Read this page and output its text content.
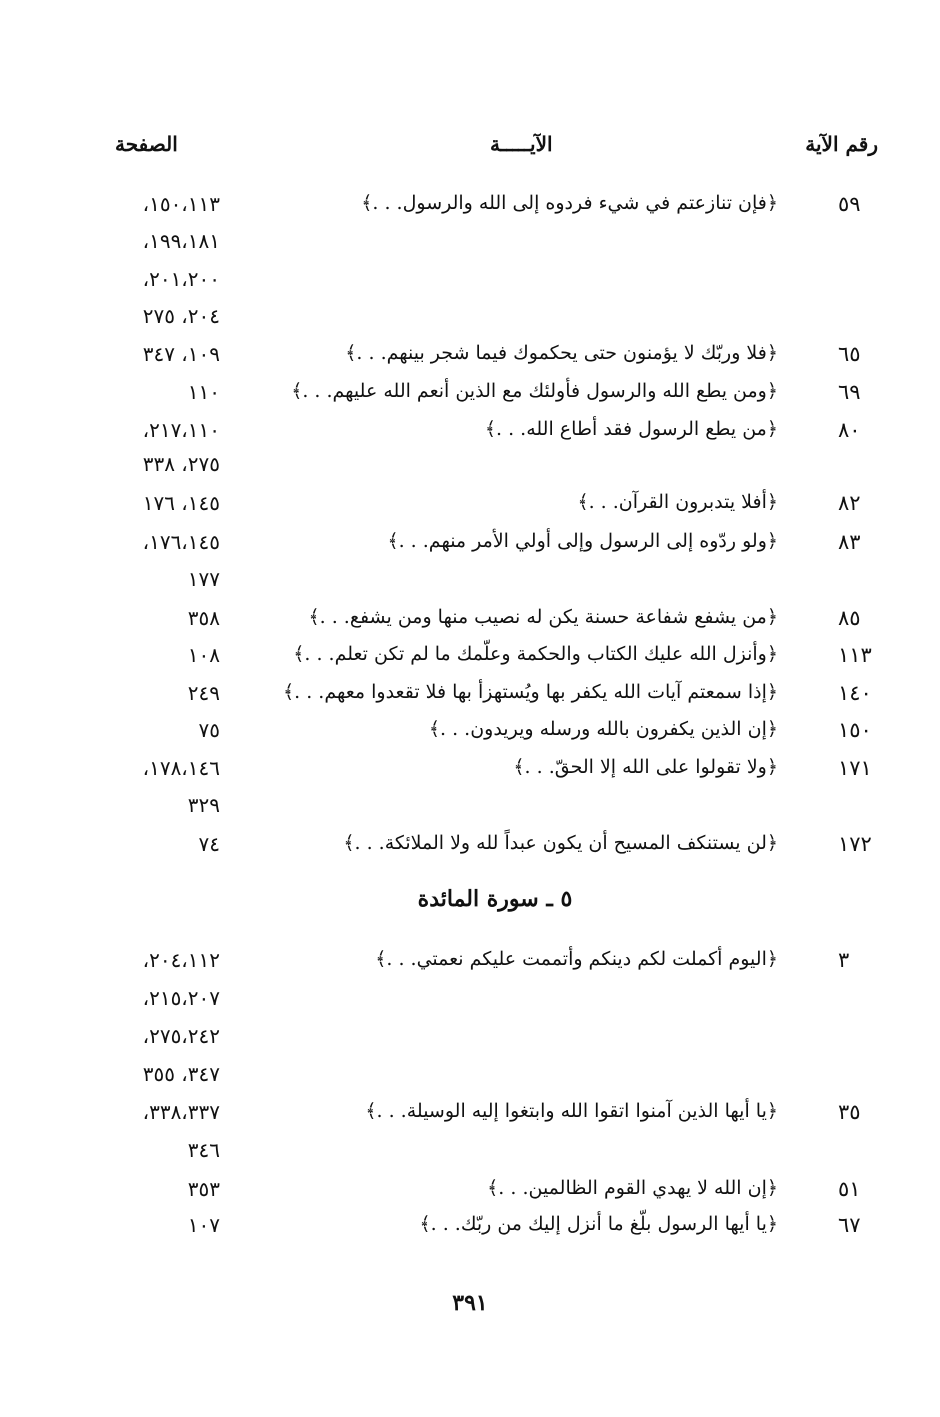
رقم الآية
الآيـــــة
الصفحة
٥٩
﴿فإن تنازعتم في شيء فردوه إلى الله والرسول. . .﴾
١٥٠،١١٣،
١٩٩،١٨١،
٢٠١،٢٠٠،
٢٠٤، ٢٧٥
٦٥
﴿فلا وربّك لا يؤمنون حتى يحكموك فيما شجر بينهم. . .﴾
١٠٩، ٣٤٧
٦٩
﴿ومن يطع الله والرسول فأولئك مع الذين أنعم الله عليهم. . .﴾
١١٠
٨٠
﴿من يطع الرسول فقد أطاع الله. . .﴾
٢١٧،١١٠،
٢٧٥، ٣٣٨
٨٢
﴿أفلا يتدبرون القرآن. . .﴾
١٤٥، ١٧٦
٨٣
﴿ولو ردّوه إلى الرسول وإلى أولي الأمر منهم. . .﴾
١٧٦،١٤٥،
١٧٧
٨٥
﴿من يشفع شفاعة حسنة يكن له نصيب منها ومن يشفع. . .﴾
٣٥٨
١١٣
﴿وأنزل الله عليك الكتاب والحكمة وعلّمك ما لم تكن تعلم. . .﴾
١٠٨
١٤٠
﴿إذا سمعتم آيات الله يكفر بها ويُستهزأ بها فلا تقعدوا معهم. . .﴾
٢٤٩
١٥٠
﴿إن الذين يكفرون بالله ورسله ويريدون. . .﴾
٧٥
١٧١
﴿ولا تقولوا على الله إلا الحقّ. . .﴾
١٧٨،١٤٦،
٣٢٩
١٧٢
﴿لن يستنكف المسيح أن يكون عبداً لله ولا الملائكة. . .﴾
٧٤
٥ ـ سورة المائدة
٣
﴿اليوم أكملت لكم دينكم وأتممت عليكم نعمتي. . .﴾
٢٠٤،١١٢،
٢١٥،٢٠٧،
٢٧٥،٢٤٢،
٣٤٧، ٣٥٥
٣٥
﴿يا أيها الذين آمنوا اتقوا الله وابتغوا إليه الوسيلة. . .﴾
٣٣٨،٣٣٧،
٣٤٦
٥١
﴿إن الله لا يهدي القوم الظالمين. . .﴾
٣٥٣
٦٧
﴿يا أيها الرسول بلّغ ما أنزل إليك من ربّك. . .﴾
١٠٧
٣٩١
